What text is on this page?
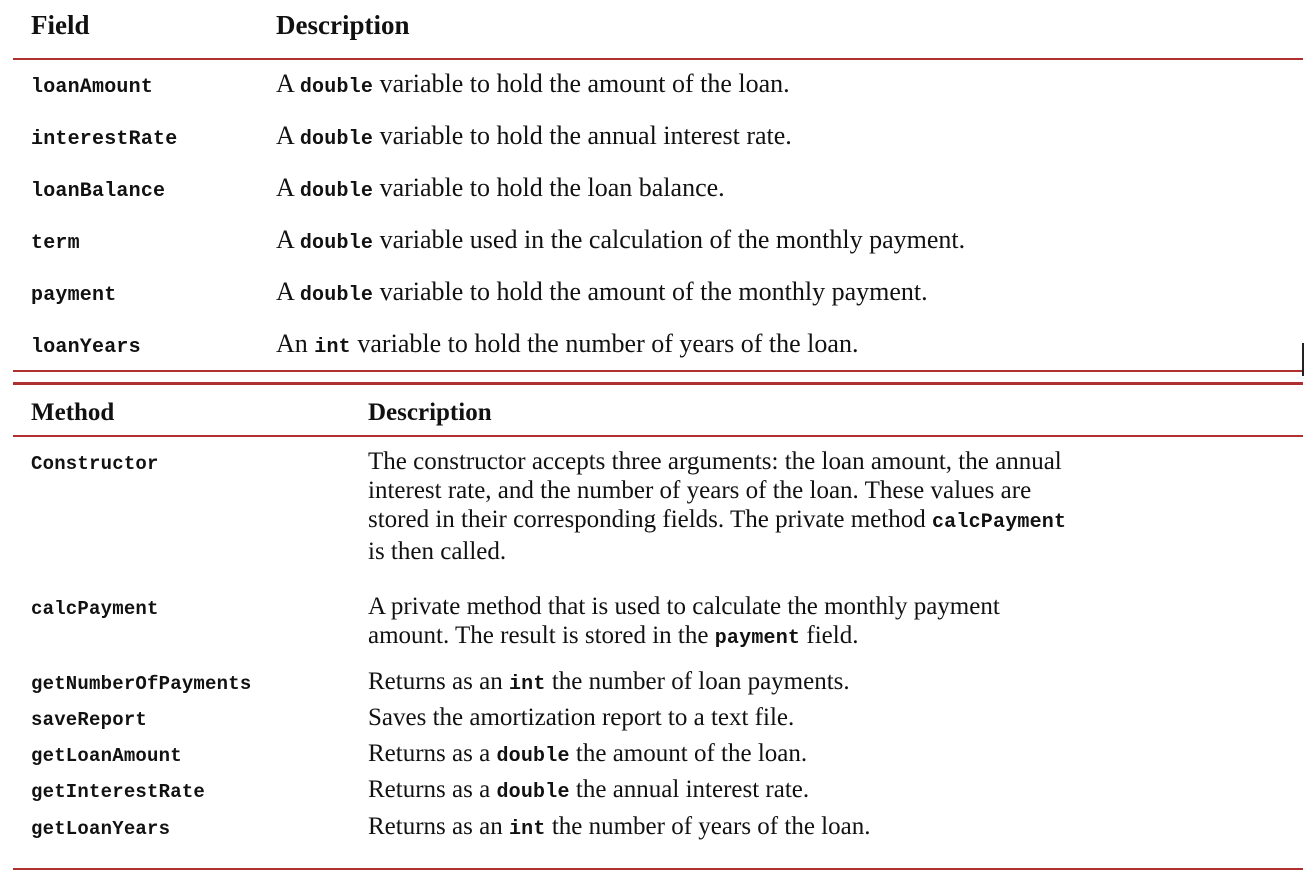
Field	Description
loanAmount	A double variable to hold the amount of the loan.
interestRate	A double variable to hold the annual interest rate.
loanBalance	A double variable to hold the loan balance.
term	A double variable used in the calculation of the monthly payment.
payment	A double variable to hold the amount of the monthly payment.
loanYears	An int variable to hold the number of years of the loan.
Method	Description
Constructor	The constructor accepts three arguments: the loan amount, the annual
interest rate, and the number of years of the loan. These values are
stored in their corresponding fields. The private method calcPayment
is then called.
calcPayment	A private method that is used to calculate the monthly payment
amount. The result is stored in the payment field.
getNumberOfPayments	Returns as an int the number of loan payments.
saveReport	Saves the amortization report to a text file.
getLoanAmount	Returns as a double the amount of the loan.
getInterestRate	Returns as a double the annual interest rate.
getLoanYears	Returns as an int the number of years of the loan.
